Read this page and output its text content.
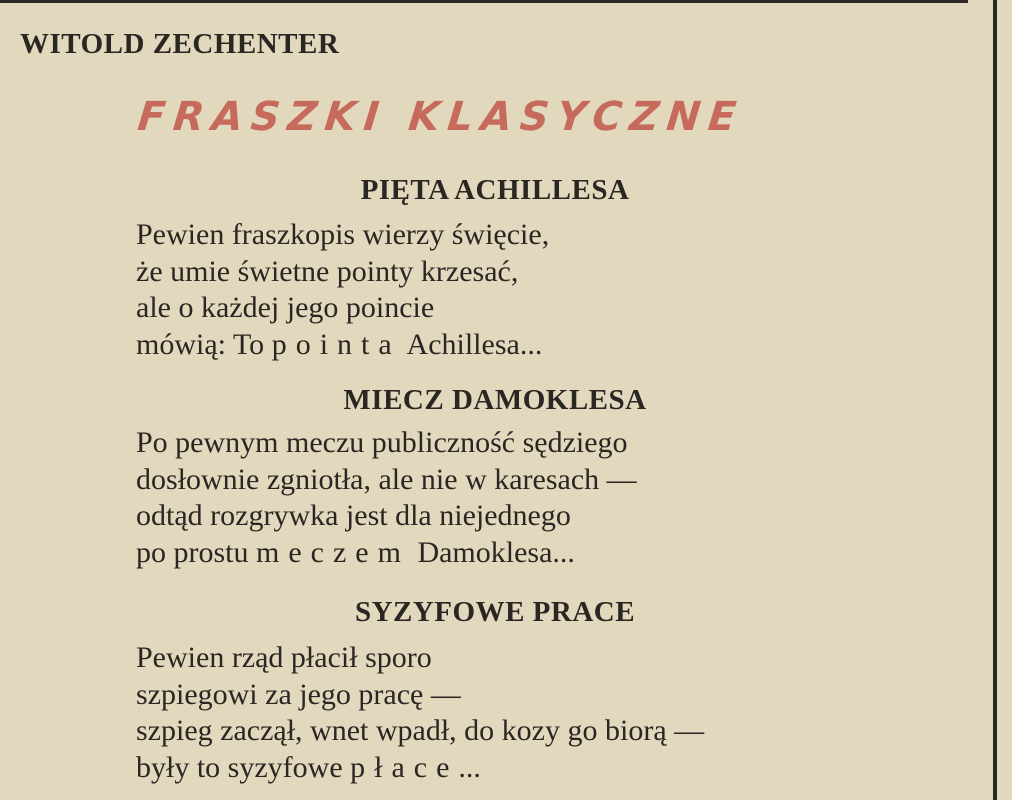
WITOLD ZECHENTER
FRASZKI KLASYCZNE
PIĘTA ACHILLESA
Pewien fraszkopis wierzy święcie,
że umie świetne pointy krzesać,
ale o każdej jego poincie
mówią: To pointa Achillesa...
MIECZ DAMOKLESA
Po pewnym meczu publiczność sędziego
dosłownie zgniotła, ale nie w karesach —
odtąd rozgrywka jest dla niejednego
po prostu meczem Damoklesa...
SYZYFOWE PRACE
Pewien rząd płacił sporo
szpiegowi za jego pracę —
szpieg zaczął, wnet wpadł, do kozy go biorą —
były to syzyfowe płace...
